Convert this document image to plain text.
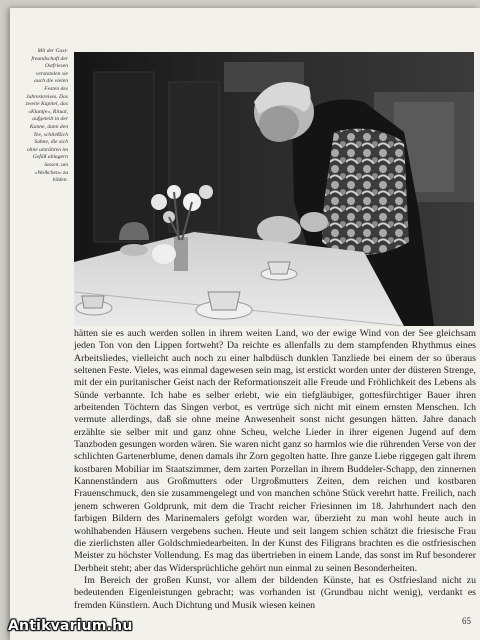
Mit der Gastfreundschaft der Ostfriesen verstanden sie auch die vielen Festen des Jahreskreises. Das zweite Kapitel, das »Kluntje«, Ritual, aufgeteilt in der Kanne, dann den Tee, schließlich Sahne, die sich ohne umrühren im Gefäß ablagern lassen, um »Wolkchen« zu bilden.

hätten sie es auch werden sollen in ihrem weiten Land, wo der ewige Wind von der See gleichsam jeden Ton von den Lippen fortweht? Da reichte es allenfalls zu dem stampfenden Rhythmus eines Arbeitsliedes, vielleicht auch noch zu einer halbdüsch dunklen Tanzliede bei einem der so überaus seltenen Feste. Vieles, was einmal dagewesen sein mag, ist erstickt worden unter der düsteren Strenge, mit der ein puritanischer Geist nach der Reformationszeit alle Freude und Fröhlichkeit des Lebens als Sünde verbannte. Ich habe es selber erlebt, wie ein tiefgläubiger, gottesfürchtiger Bauer ihren arbeitenden Töchtern das Singen verbot, es vertrüge sich nicht mit einem ernsten Menschen. Ich vermute allerdings, daß sie ohne meine Anwesenheit sonst nicht gesungen hätten. Jahre danach erzählte sie selber mit und ganz ohne Scheu, welche Lieder in ihrer eigenen Jugend auf dem Tanzboden gesungen worden wären. Sie waren nicht ganz so harmlos wie die rührenden Verse von der schlichten Gartenerblume, denen damals ihr Zorn gegolten hatte. Ihre ganze Liebe riggegen galt ihrem kostbaren Mobiliar im Staatszimmer, dem zarten Porzellan in ihrem Buddeler-Schapp, den zinnernen Kannenständern aus Großmutters oder Urgroßmutters Zeiten, dem reichen und kostbaren Frauenschmuck, den sie zusammengelegt und von manchen schöne Stück verehrt hatte. Freilich, nach jenem schweren Goldprunk, mit dem die Tracht reicher Friesinnen im 18. Jahrhundert nach den farbigen Bildern des Marinemalers gefolgt worden war, überzieht zu man wohl heute auch in wohlhabenden Häusern vergebens suchen. Heute und seit langem schien schätzt die friesische Frau die zierlichsten aller Goldschmiedearbeiten. In der Kunst des Filigrans brachten es die ostfriesischen Meister zu höchster Vollendung. Es mag das übertrieben in einem Lande, das sonst im Ruf besonderer Derbheit steht; aber das Widersprüchliche gehört nun einmal zu seinen Besonderheiten.

Im Bereich der großen Kunst, vor allem der bildenden Künste, hat es Ostfriesland nicht zu bedeutenden Eigenleistungen gebracht; was vorhanden ist (Grundbau nicht wenig), verdankt es fremden Künstlern. Auch Dichtung und Musik wiesen keinen

65
Antikvarium.hu
